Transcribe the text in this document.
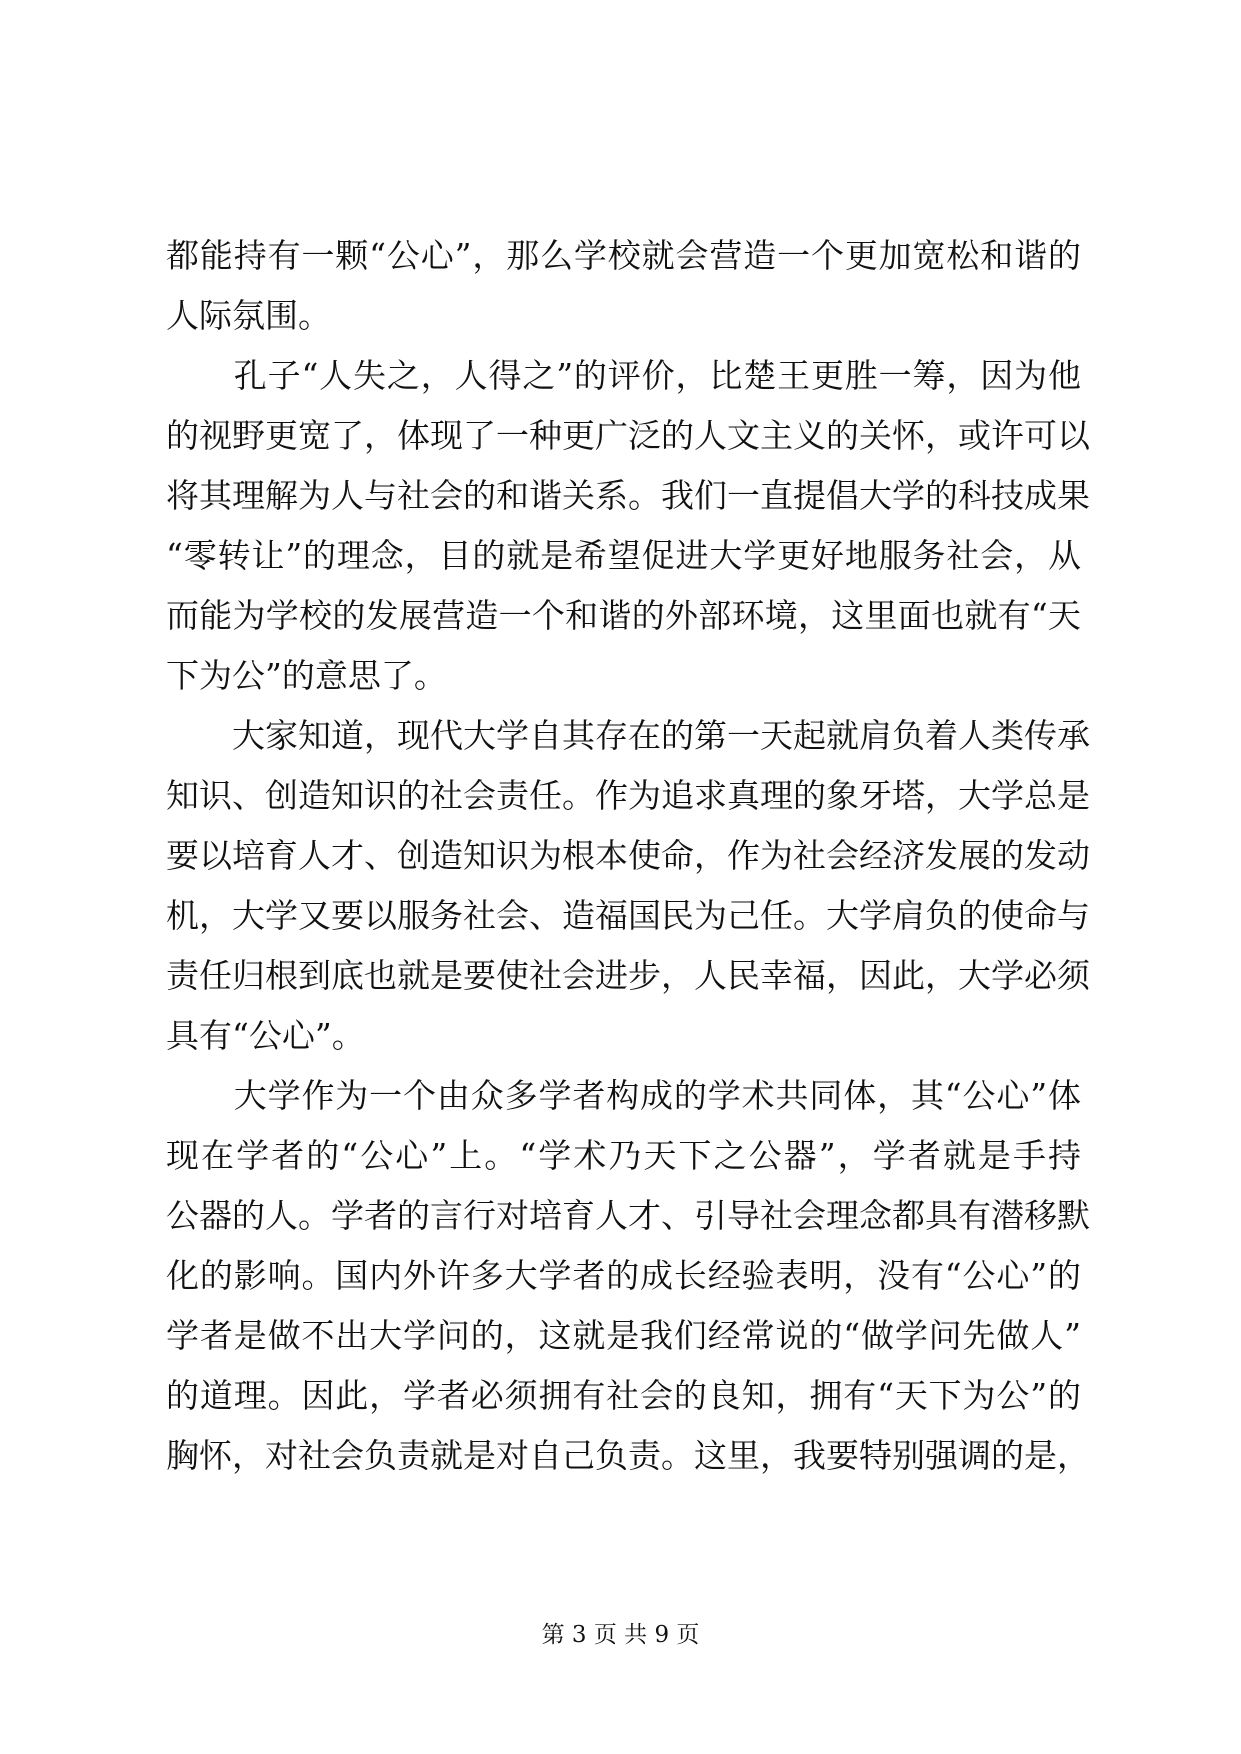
都能持有一颗“公心”，那么学校就会营造一个更加宽松和谐的
人际氛围。
　　孔子“人失之，人得之”的评价，比楚王更胜一筹，因为他
的视野更宽了，体现了一种更广泛的人文主义的关怀，或许可以
将其理解为人与社会的和谐关系。我们一直提倡大学的科技成果
“零转让”的理念，目的就是希望促进大学更好地服务社会，从
而能为学校的发展营造一个和谐的外部环境，这里面也就有“天
下为公”的意思了。
　　大家知道，现代大学自其存在的第一天起就肩负着人类传承
知识、创造知识的社会责任。作为追求真理的象牙塔，大学总是
要以培育人才、创造知识为根本使命，作为社会经济发展的发动
机，大学又要以服务社会、造福国民为己任。大学肩负的使命与
责任归根到底也就是要使社会进步，人民幸福，因此，大学必须
具有“公心”。
　　大学作为一个由众多学者构成的学术共同体，其“公心”体
现在学者的“公心”上。“学术乃天下之公器”，学者就是手持
公器的人。学者的言行对培育人才、引导社会理念都具有潜移默
化的影响。国内外许多大学者的成长经验表明，没有“公心”的
学者是做不出大学问的，这就是我们经常说的“做学问先做人”
的道理。因此，学者必须拥有社会的良知，拥有“天下为公”的
胸怀，对社会负责就是对自己负责。这里，我要特别强调的是，
第 3 页 共 9 页
